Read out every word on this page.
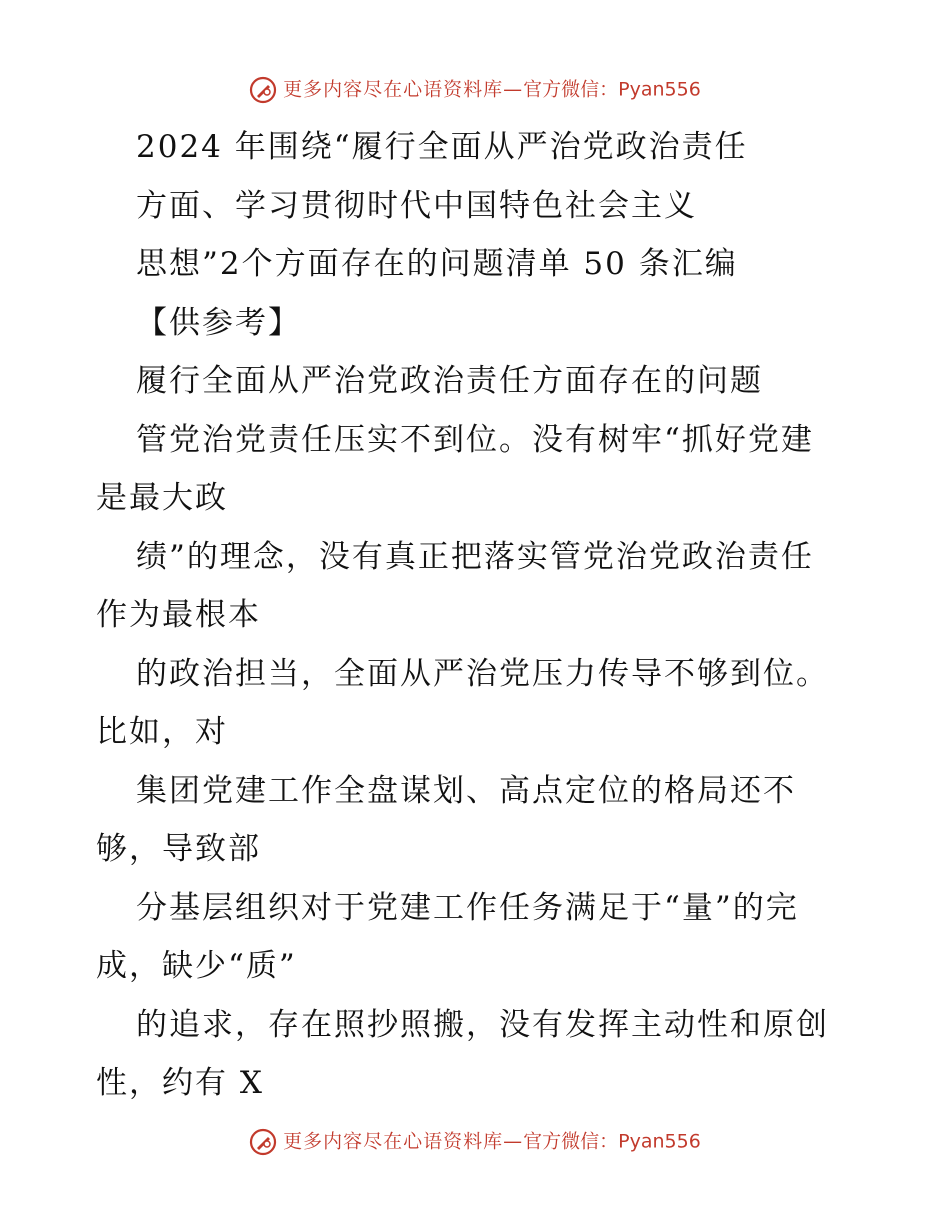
更多内容尽在心语资料库—官方微信：Pyan556
2024 年围绕“履行全面从严治党政治责任
方面、学习贯彻时代中国特色社会主义
思想”2个方面存在的问题清单 50 条汇编
【供参考】
履行全面从严治党政治责任方面存在的问题
管党治党责任压实不到位。没有树牢“抓好党建
是最大政
绩”的理念，没有真正把落实管党治党政治责任
作为最根本
的政治担当，全面从严治党压力传导不够到位。
比如，对
集团党建工作全盘谋划、高点定位的格局还不
够，导致部
分基层组织对于党建工作任务满足于“量”的完
成，缺少“质”
的追求，存在照抄照搬，没有发挥主动性和原创
性，约有 X
更多内容尽在心语资料库—官方微信：Pyan556
